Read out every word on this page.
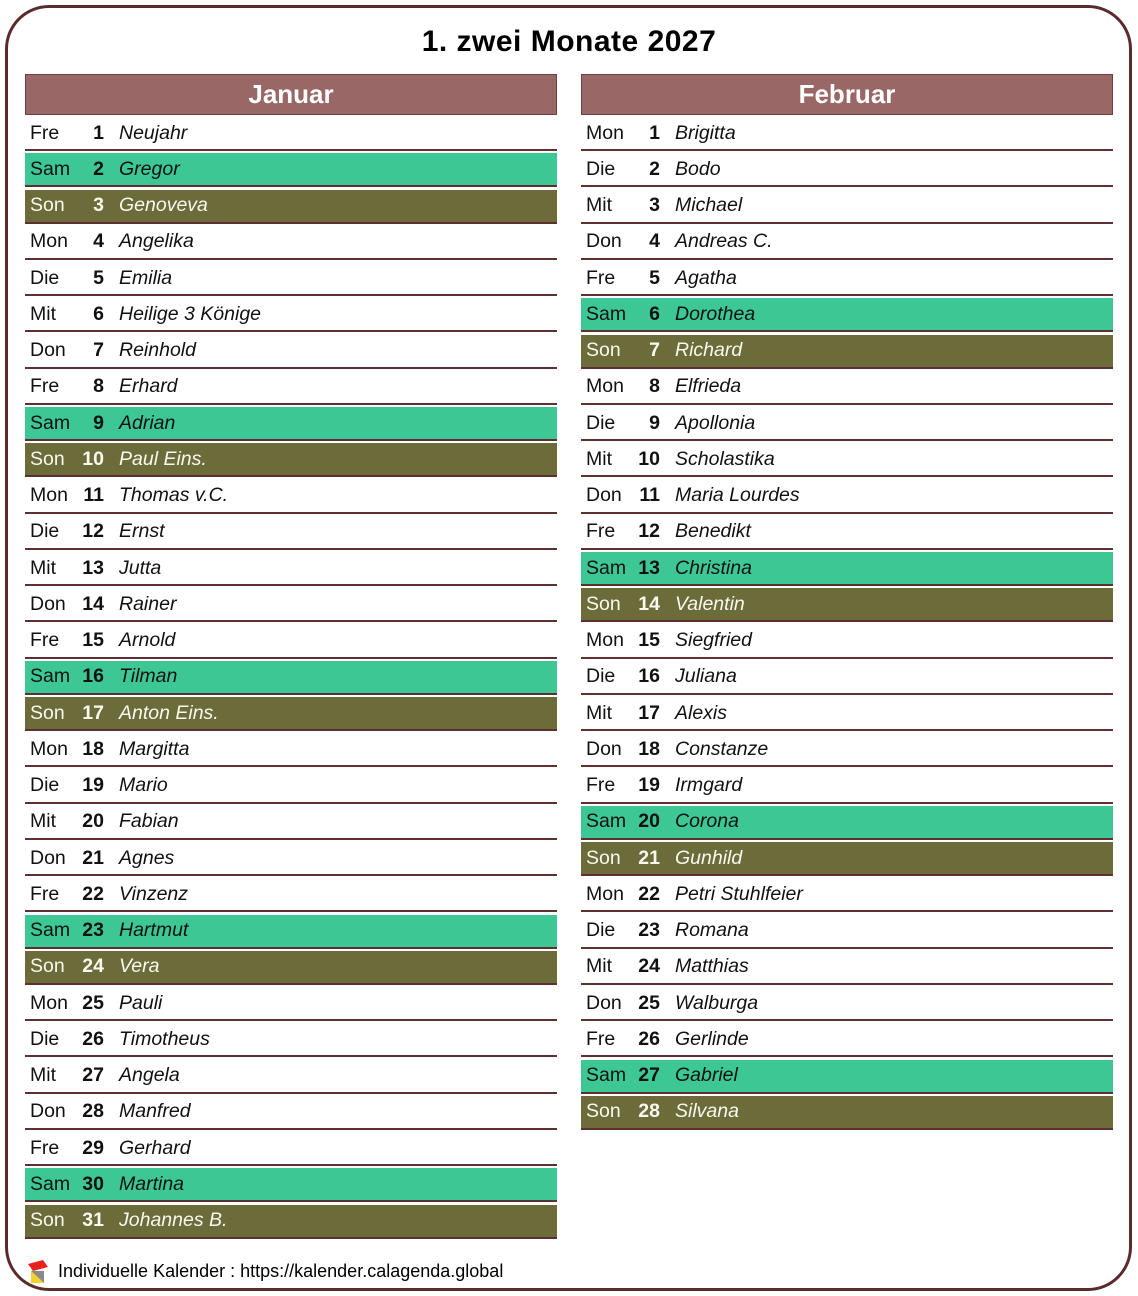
1. zwei Monate 2027
Januar
Fre	1 Neujahr
Sam	2 Gregor
Son	3 Genoveva
Mon	4 Angelika
Die	5 Emilia
Mit	6 Heilige 3 Könige
Don	7 Reinhold
Fre	8 Erhard
Sam	9 Adrian
Son 10 Paul Eins.
Mon 11 Thomas v.C.
Die	12 Ernst
Mit	13 Jutta
Don 14 Rainer
Fre	15 Arnold
Sam 16 Tilman
Son 17 Anton Eins.
Mon 18 Margitta
Die	19 Mario
Mit	20 Fabian
Don 21 Agnes
Fre	22 Vinzenz
Sam 23 Hartmut
Son 24 Vera
Mon 25 Pauli
Die	26 Timotheus
Mit	27 Angela
Don 28 Manfred
Fre	29 Gerhard
Sam 30 Martina
Son 31 Johannes B.
Februar
Mon	1 Brigitta
Die	2 Bodo
Mit	3 Michael
Don	4 Andreas C.
Fre	5 Agatha
Sam	6 Dorothea
Son	7 Richard
Mon	8 Elfrieda
Die	9 Apollonia
Mit	10 Scholastika
Don 11 Maria Lourdes
Fre	12 Benedikt
Sam 13 Christina
Son 14 Valentin
Mon 15 Siegfried
Die	16 Juliana
Mit	17 Alexis
Don 18 Constanze
Fre	19 Irmgard
Sam 20 Corona
Son 21 Gunhild
Mon 22 Petri Stuhlfeier
Die	23 Romana
Mit	24 Matthias
Don 25 Walburga
Fre	26 Gerlinde
Sam 27 Gabriel
Son 28 Silvana
Individuelle Kalender : https://kalender.calagenda.global
